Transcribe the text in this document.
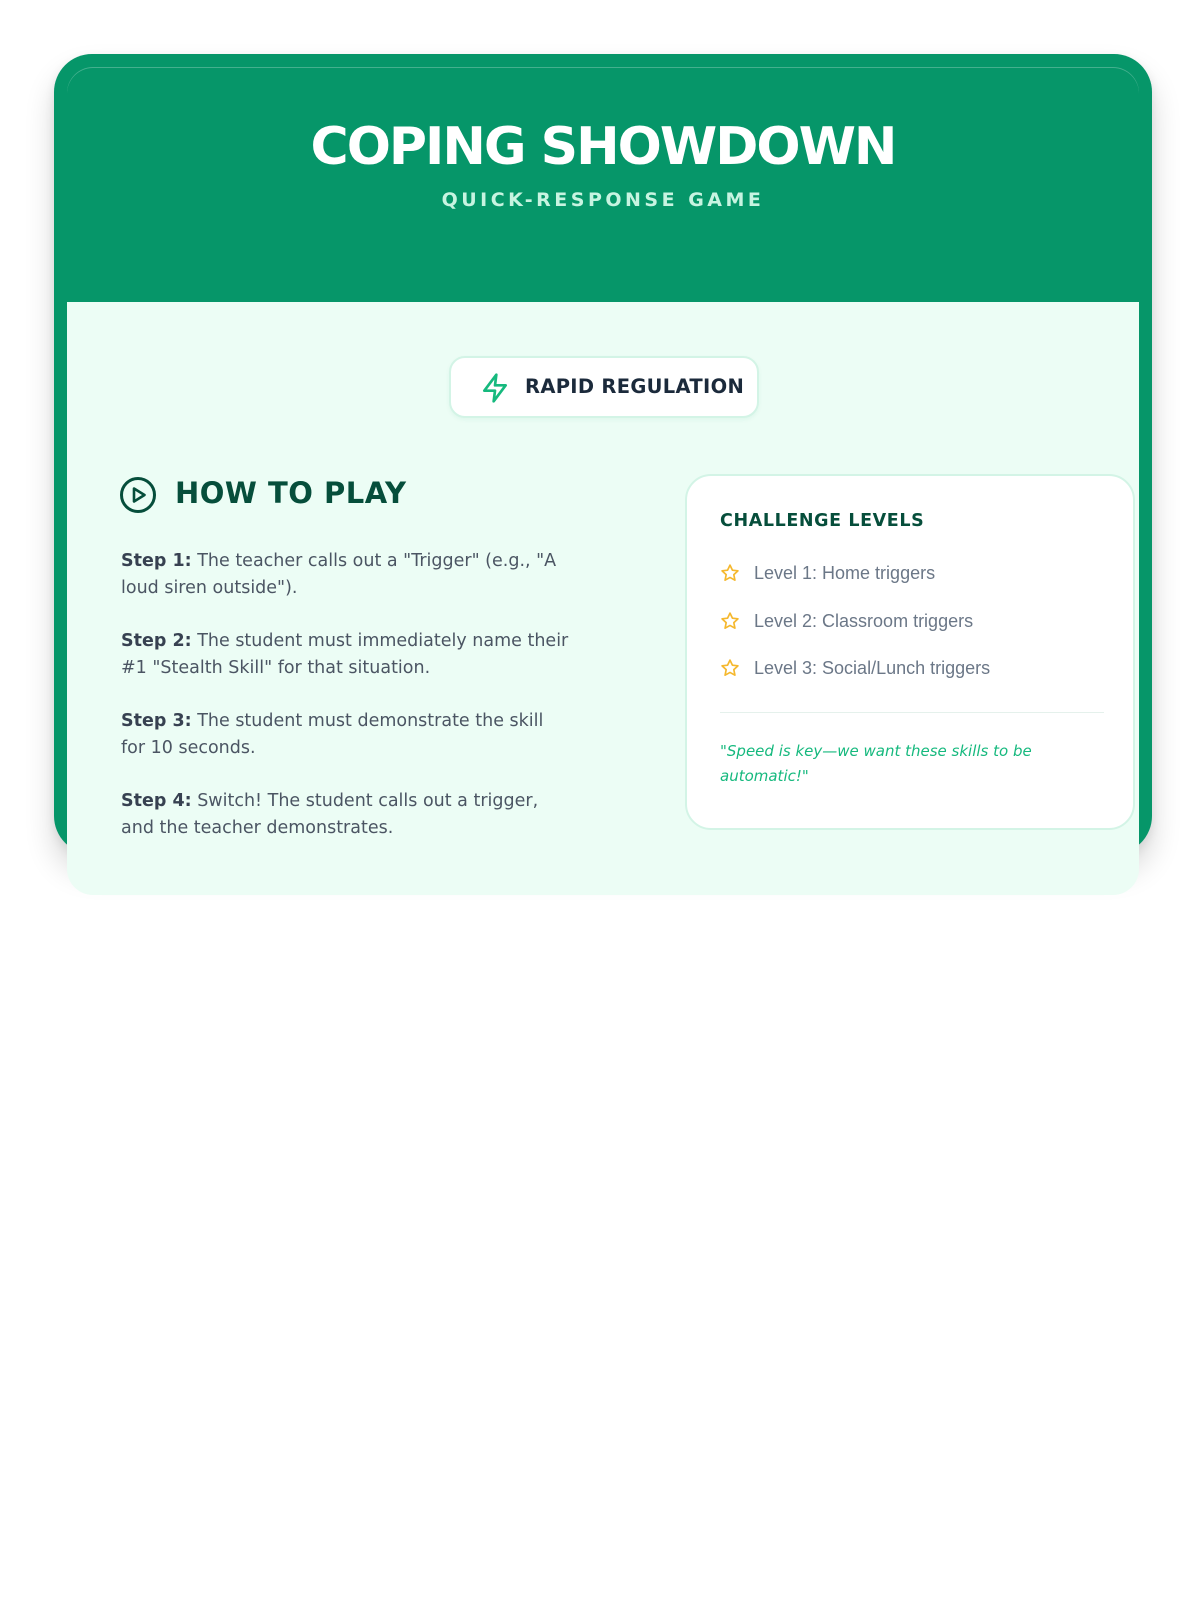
COPING SHOWDOWN
QUICK-RESPONSE GAME
RAPID REGULATION
HOW TO PLAY

Step 1: The teacher calls out a "Trigger" (e.g., "A loud siren outside").

Step 2: The student must immediately name their #1 "Stealth Skill" for that situation.

Step 3: The student must demonstrate the skill for 10 seconds.

Step 4: Switch! The student calls out a trigger, and the teacher demonstrates.

CHALLENGE LEVELS
Level 1: Home triggers
Level 2: Classroom triggers
Level 3: Social/Lunch triggers
"Speed is key—we want these skills to be automatic!"
